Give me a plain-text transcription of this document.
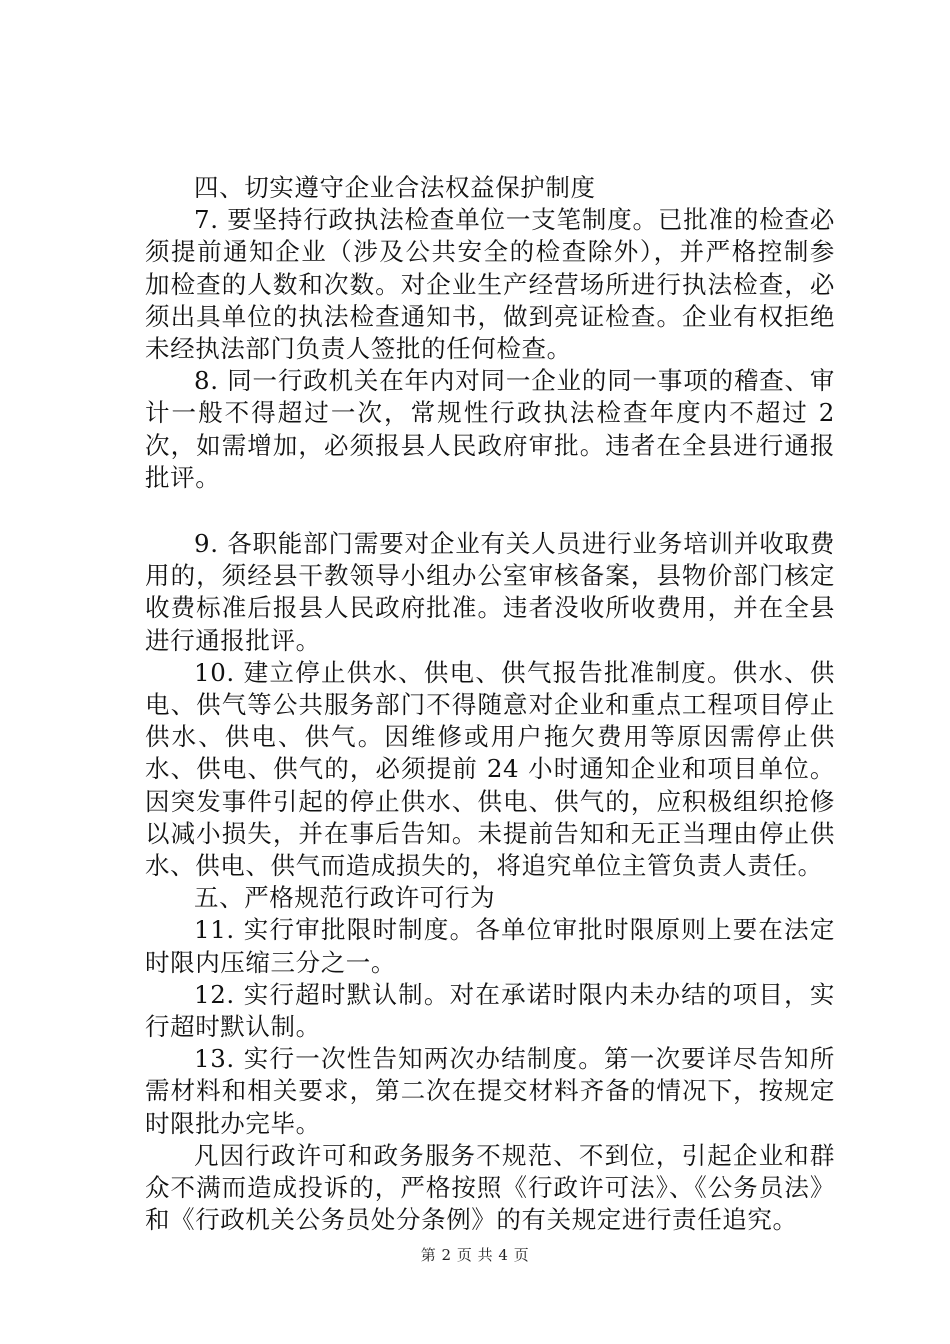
四、切实遵守企业合法权益保护制度

7. 要坚持行政执法检查单位一支笔制度。已批准的检查必须提前通知企业（涉及公共安全的检查除外），并严格控制参加检查的人数和次数。对企业生产经营场所进行执法检查，必须出具单位的执法检查通知书，做到亮证检查。企业有权拒绝未经执法部门负责人签批的任何检查。

8. 同一行政机关在年内对同一企业的同一事项的稽查、审计一般不得超过一次，常规性行政执法检查年度内不超过 2 次，如需增加，必须报县人民政府审批。违者在全县进行通报批评。

9. 各职能部门需要对企业有关人员进行业务培训并收取费用的，须经县干教领导小组办公室审核备案，县物价部门核定收费标准后报县人民政府批准。违者没收所收费用，并在全县进行通报批评。

10. 建立停止供水、供电、供气报告批准制度。供水、供电、供气等公共服务部门不得随意对企业和重点工程项目停止供水、供电、供气。因维修或用户拖欠费用等原因需停止供水、供电、供气的，必须提前 24 小时通知企业和项目单位。因突发事件引起的停止供水、供电、供气的，应积极组织抢修以减小损失，并在事后告知。未提前告知和无正当理由停止供水、供电、供气而造成损失的，将追究单位主管负责人责任。

五、严格规范行政许可行为

11. 实行审批限时制度。各单位审批时限原则上要在法定时限内压缩三分之一。

12. 实行超时默认制。对在承诺时限内未办结的项目，实行超时默认制。

13. 实行一次性告知两次办结制度。第一次要详尽告知所需材料和相关要求，第二次在提交材料齐备的情况下，按规定时限批办完毕。

凡因行政许可和政务服务不规范、不到位，引起企业和群众不满而造成投诉的，严格按照《行政许可法》、《公务员法》和《行政机关公务员处分条例》的有关规定进行责任追究。

第 2 页 共 4 页
